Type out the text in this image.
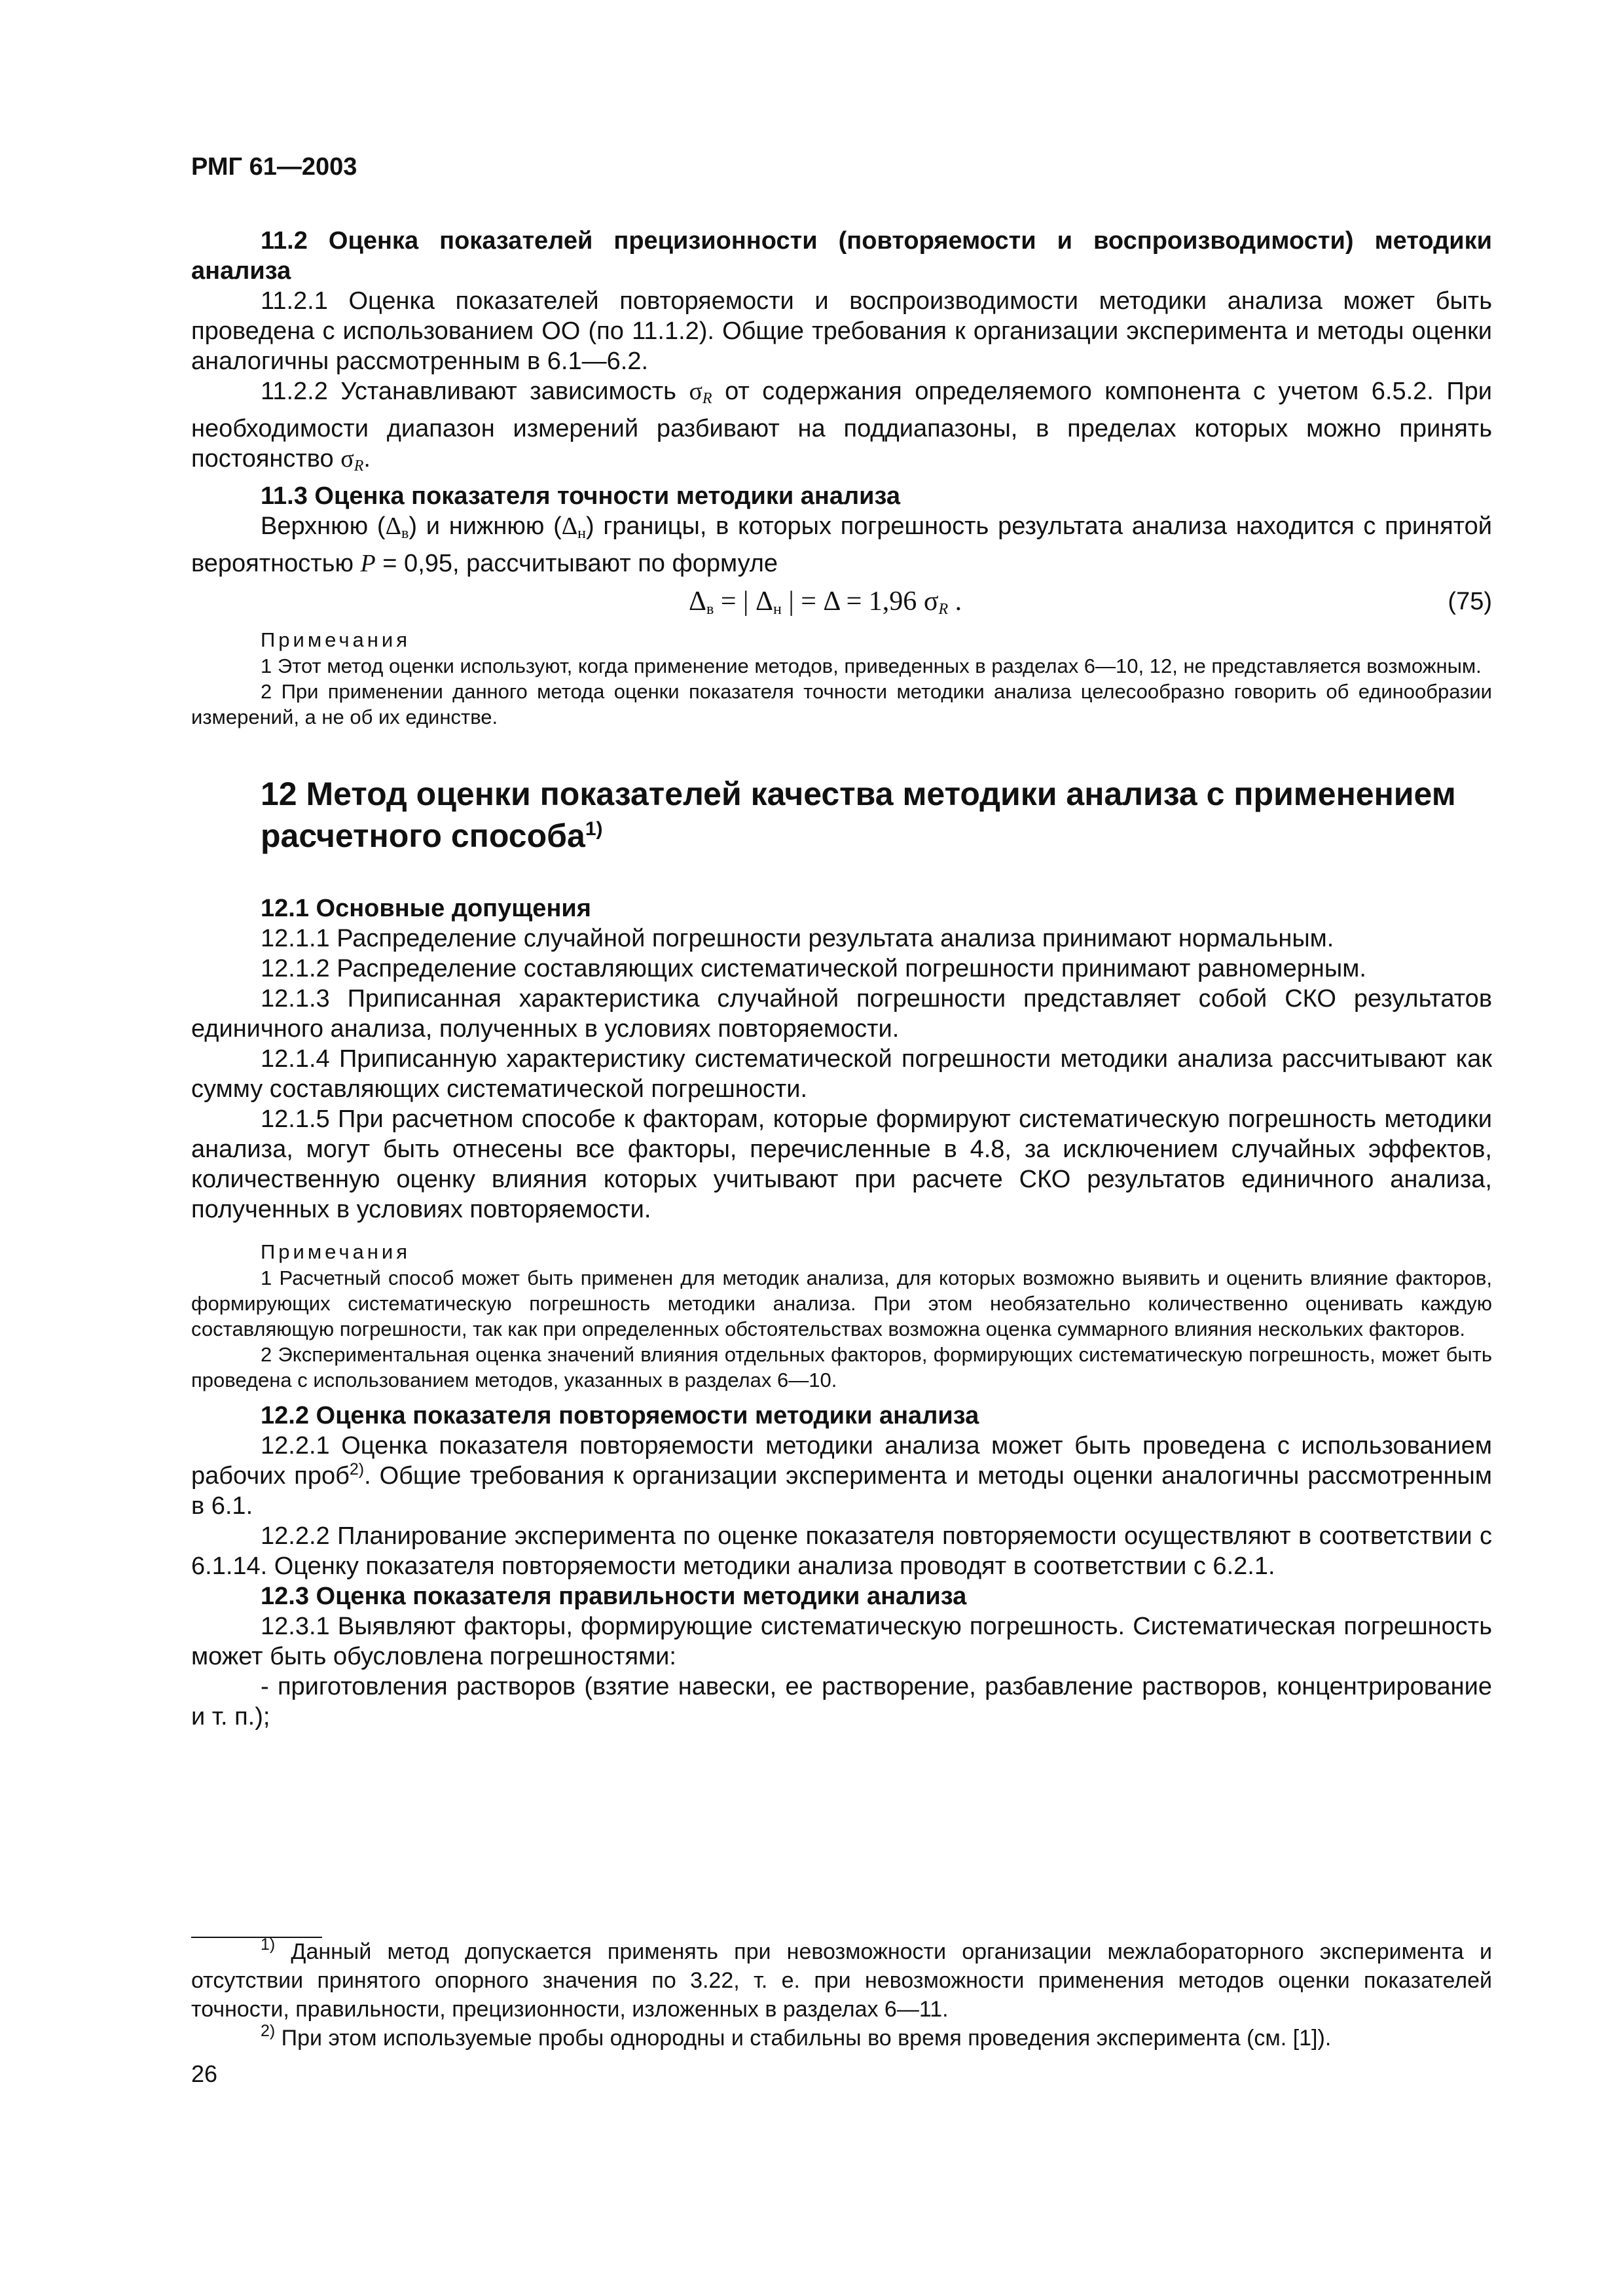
РМГ 61—2003

11.2 Оценка показателей прецизионности (повторяемости и воспроизводимости) методики анализа

11.2.1 Оценка показателей повторяемости и воспроизводимости методики анализа может быть проведена с использованием ОО (по 11.1.2). Общие требования к организации эксперимента и методы оценки аналогичны рассмотренным в 6.1—6.2.

11.2.2 Устанавливают зависимость $\sigma_R$ от содержания определяемого компонента с учетом 6.5.2. При необходимости диапазон измерений разбивают на поддиапазоны, в пределах которых можно принять постоянство $\sigma_R$.

11.3 Оценка показателя точности методики анализа

Верхнюю $(\Delta_в)$ и нижнюю $(\Delta_н)$ границы, в которых погрешность результата анализа находится с принятой вероятностью P = 0,95, рассчитывают по формуле

$\Delta_в$ = | $\Delta_н$ | = Δ = 1,96 $\sigma_R$ .	(75)
Примечания

1 Этот метод оценки используют, когда применение методов, приведенных в разделах 6—10, 12, не представляется возможным.

2 При применении данного метода оценки показателя точности методики анализа целесообразно говорить об единообразии измерений, а не об их единстве.

12 Метод оценки показателей качества методики анализа с применением расчетного способа$^{1)}$

12.1 Основные допущения

12.1.1 Распределение случайной погрешности результата анализа принимают нормальным.

12.1.2 Распределение составляющих систематической погрешности принимают равномерным.

12.1.3 Приписанная характеристика случайной погрешности представляет собой СКО результатов единичного анализа, полученных в условиях повторяемости.

12.1.4 Приписанную характеристику систематической погрешности методики анализа рассчитывают как сумму составляющих систематической погрешности.

12.1.5 При расчетном способе к факторам, которые формируют систематическую погрешность методики анализа, могут быть отнесены все факторы, перечисленные в 4.8, за исключением случайных эффектов, количественную оценку влияния которых учитывают при расчете СКО результатов единичного анализа, полученных в условиях повторяемости.

Примечания

1 Расчетный способ может быть применен для методик анализа, для которых возможно выявить и оценить влияние факторов, формирующих систематическую погрешность методики анализа. При этом необязательно количественно оценивать каждую составляющую погрешности, так как при определенных обстоятельствах возможна оценка суммарного влияния нескольких факторов.

2 Экспериментальная оценка значений влияния отдельных факторов, формирующих систематическую погрешность, может быть проведена с использованием методов, указанных в разделах 6—10.

12.2 Оценка показателя повторяемости методики анализа

12.2.1 Оценка показателя повторяемости методики анализа может быть проведена с использованием рабочих проб$^{2)}$. Общие требования к организации эксперимента и методы оценки аналогичны рассмотренным в 6.1.

12.2.2 Планирование эксперимента по оценке показателя повторяемости осуществляют в соответствии с 6.1.14. Оценку показателя повторяемости методики анализа проводят в соответствии с 6.2.1.

12.3 Оценка показателя правильности методики анализа

12.3.1 Выявляют факторы, формирующие систематическую погрешность. Систематическая погрешность может быть обусловлена погрешностями:

- приготовления растворов (взятие навески, ее растворение, разбавление растворов, концентрирование и т. п.);

$^{1)}$ Данный метод допускается применять при невозможности организации межлабораторного эксперимента и отсутствии принятого опорного значения по 3.22, т. е. при невозможности применения методов оценки показателей точности, правильности, прецизионности, изложенных в разделах 6—11.

$^{2)}$ При этом используемые пробы однородны и стабильны во время проведения эксперимента (см. [1]).

26
